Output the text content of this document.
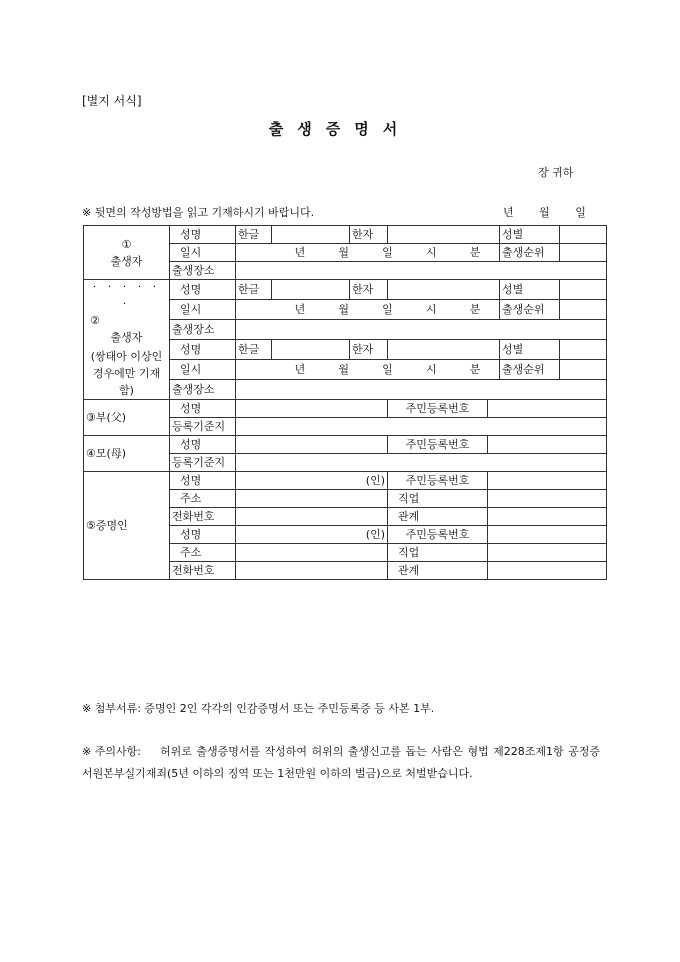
[별지 서식]
출생증명서
장 귀하
※ 뒷면의 작성방법을 읽고 기재하시기 바랍니다.	년 월 일
①
출생자	성명	한글		한자			성별	
	일시	년 월 일 시 분					출생순위	
	출생장소							

· · · · · ·
②
출생자
(쌍태아 이상인 경우에만 기재함)	성명	한글		한자			성별	
	일시	년 월 일 시 분					출생순위	
	출생장소							
	성명	한글		한자			성별	
	일시	년 월 일 시 분					출생순위	
	출생장소							
③부(父)	성명				주민등록번호			
	등록기준지							
④모(母)	성명				주민등록번호			
	등록기준지							
⑤증명인	성명	(인)			주민등록번호			
	주소				직업			
	전화번호				관계			
	성명	(인)			주민등록번호			
	주소				직업			
	전화번호				관계			
※ 첨부서류: 증명인 2인 각각의 인감증명서 또는 주민등록증 등 사본 1부.
※ 주의사항: 허위로 출생증명서를 작성하여 허위의 출생신고를 돕는 사람은 형법 제228조제1항 공정증서원본부실기재죄(5년 이하의 징역 또는 1천만원 이하의 벌금)으로 처벌받습니다.
